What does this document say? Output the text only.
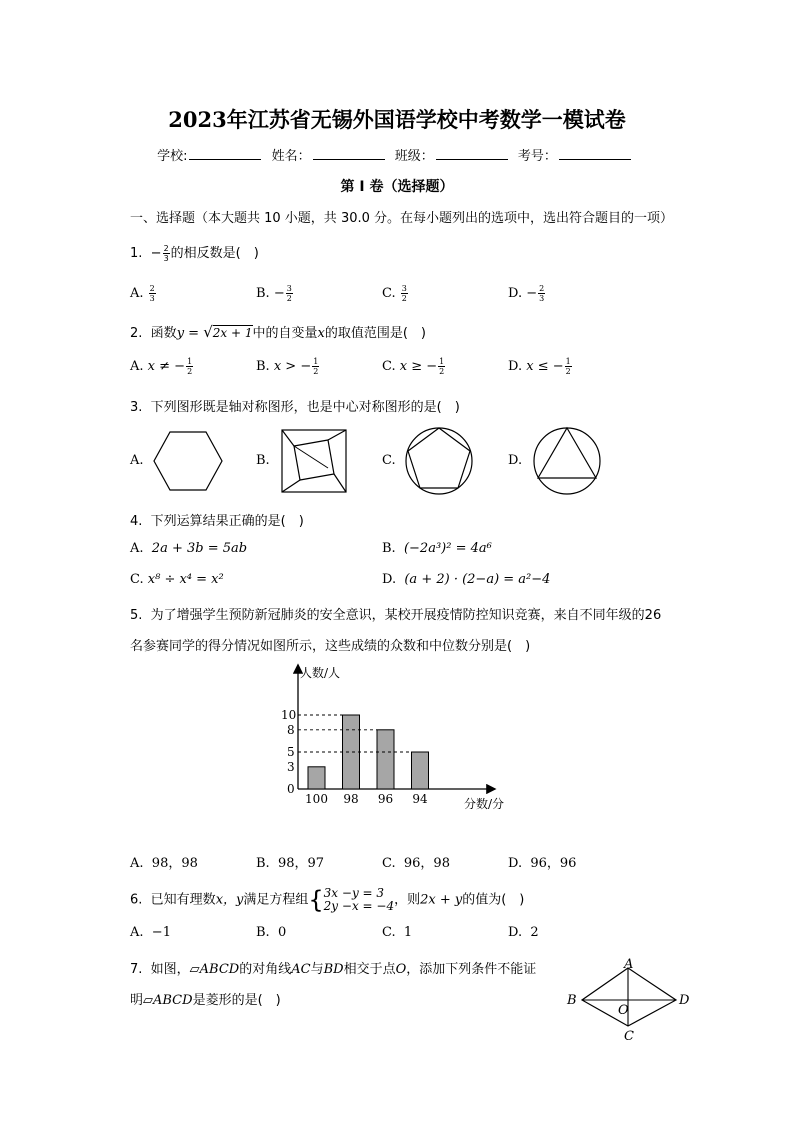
2023年江苏省无锡外国语学校中考数学一模试卷
学校:	姓名：	班级：	考号：
第 I 卷（选择题）
一、选择题（本大题共 10 小题，共 30.0 分。在每小题列出的选项中，选出符合题目的一项）
1.  − $\frac{2}{3}$ 的相反数是(　)
A. $\frac{2}{3}$	B. − $\frac{3}{2}$	C. $\frac{3}{2}$	D. − $\frac{2}{3}$
2. 函数y = √2x + 1中的自变量x的取值范围是(　)
A. x ≠ − $\frac{1}{2}$	B. x > − $\frac{1}{2}$	C. x ≥ − $\frac{1}{2}$	D. x ≤ − $\frac{1}{2}$
3. 下列图形既是轴对称图形，也是中心对称图形的是(　)
A.	B.	C.	D.
4. 下列运算结果正确的是(　)
A. 2a + 3b = 5ab	B. (−2a³)² = 4a⁶
C. x⁸ ÷ x⁴ = x²	D. (a + 2) · (2−a) = a²−4
5. 为了增强学生预防新冠肺炎的安全意识，某校开展疫情防控知识竞赛，来自不同年级的26
名参赛同学的得分情况如图所示，这些成绩的众数和中位数分别是(　)
人数/人
分数/分
0
3
5
8
10
100 98 96 94
A. 98，98	B. 98，97	C. 96，98	D. 96，96
6. 已知有理数x，y满足方程组{ 3x −y = 3
2y −x = −4 ，则2x + y的值为(　)
A. −1	B. 0	C. 1	D. 2
7. 如图，▱ABCD的对角线AC与BD相交于点O，添加下列条件不能证
明▱ABCD是菱形的是(　)
A
B
C
D
O
